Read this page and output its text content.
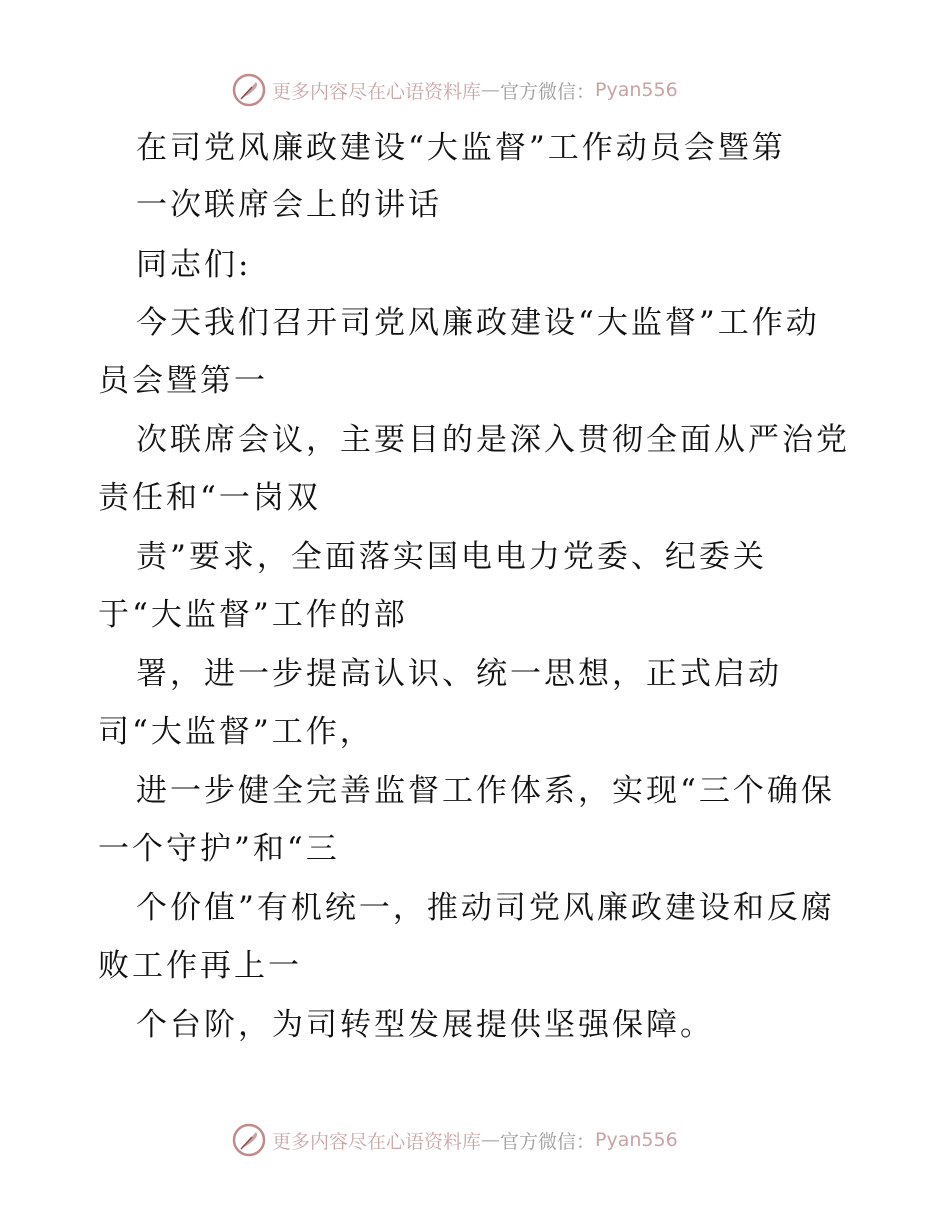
更多内容尽在心语资料库 — 官方微信： Pyan556
在司党风廉政建设“大监督”工作动员会暨第
一次联席会上的讲话
同志们:
今天我们召开司党风廉政建设“大监督”工作动
员会暨第一
次联席会议，主要目的是深入贯彻全面从严治党
责任和“一岗双
责”要求，全面落实国电电力党委、纪委关
于“大监督”工作的部
署，进一步提高认识、统一思想，正式启动
司“大监督”工作，
进一步健全完善监督工作体系，实现“三个确保
一个守护”和“三
个价值”有机统一，推动司党风廉政建设和反腐
败工作再上一
个台阶，为司转型发展提供坚强保障。
更多内容尽在心语资料库 — 官方微信： Pyan556
